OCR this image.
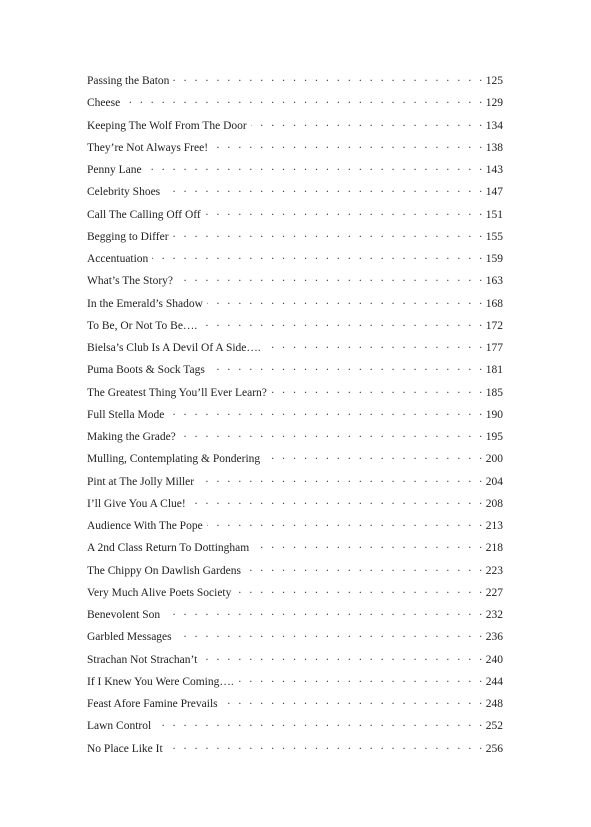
Passing the Baton . . .	125
Cheese . . .	129
Keeping The Wolf From The Door . . .	134
They’re Not Always Free! . . .	138
Penny Lane . . .	143
Celebrity Shoes . . .	147
Call The Calling Off Off . . .	151
Begging to Differ . . .	155
Accentuation . . .	159
What’s The Story? . . .	163
In the Emerald’s Shadow . . .	168
To Be, Or Not To Be…. . . .	172
Bielsa’s Club Is A Devil Of A Side…. . . .	177
Puma Boots & Sock Tags . . .	181
The Greatest Thing You’ll Ever Learn? . . .	185
Full Stella Mode . . .	190
Making the Grade? . . .	195
Mulling, Contemplating & Pondering . . .	200
Pint at The Jolly Miller . . .	204
I’ll Give You A Clue! . . .	208
Audience With The Pope . . .	213
A 2nd Class Return To Dottingham . . .	218
The Chippy On Dawlish Gardens . . .	223
Very Much Alive Poets Society . . .	227
Benevolent Son . . .	232
Garbled Messages . . .	236
Strachan Not Strachan’t . . .	240
If I Knew You Were Coming…. . . .	244
Feast Afore Famine Prevails . . .	248
Lawn Control . . .	252
No Place Like It . . .	256
